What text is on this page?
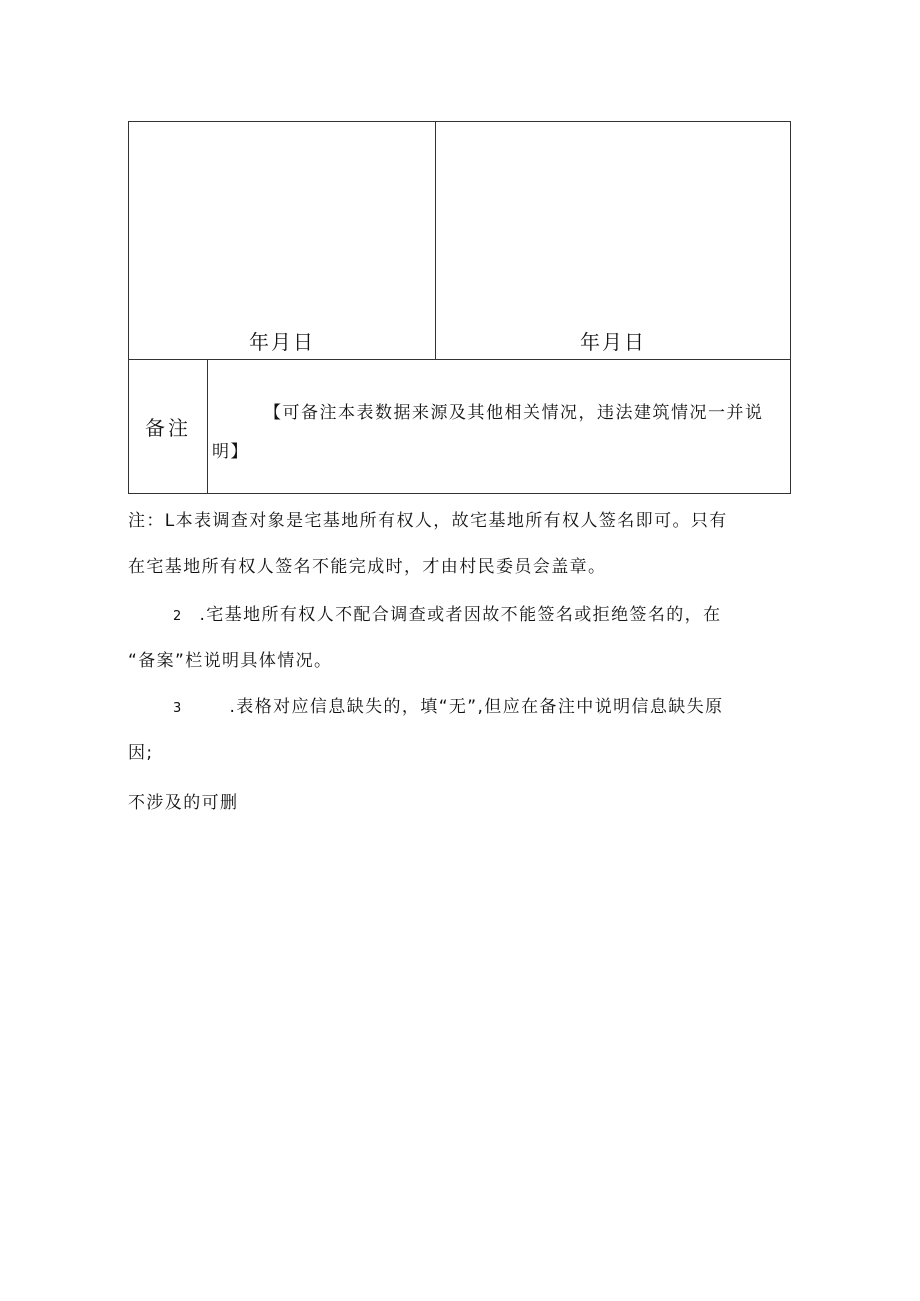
年月日	年月日
备注
【可备注本表数据来源及其他相关情况，违法建筑情况一并说明】
注：L本表调查对象是宅基地所有权人，故宅基地所有权人签名即可。只有
在宅基地所有权人签名不能完成时，才由村民委员会盖章。
2 .宅基地所有权人不配合调查或者因故不能签名或拒绝签名的，在
“备案”栏说明具体情况。
3	.表格对应信息缺失的，填“无”,但应在备注中说明信息缺失原
因;
不涉及的可删
